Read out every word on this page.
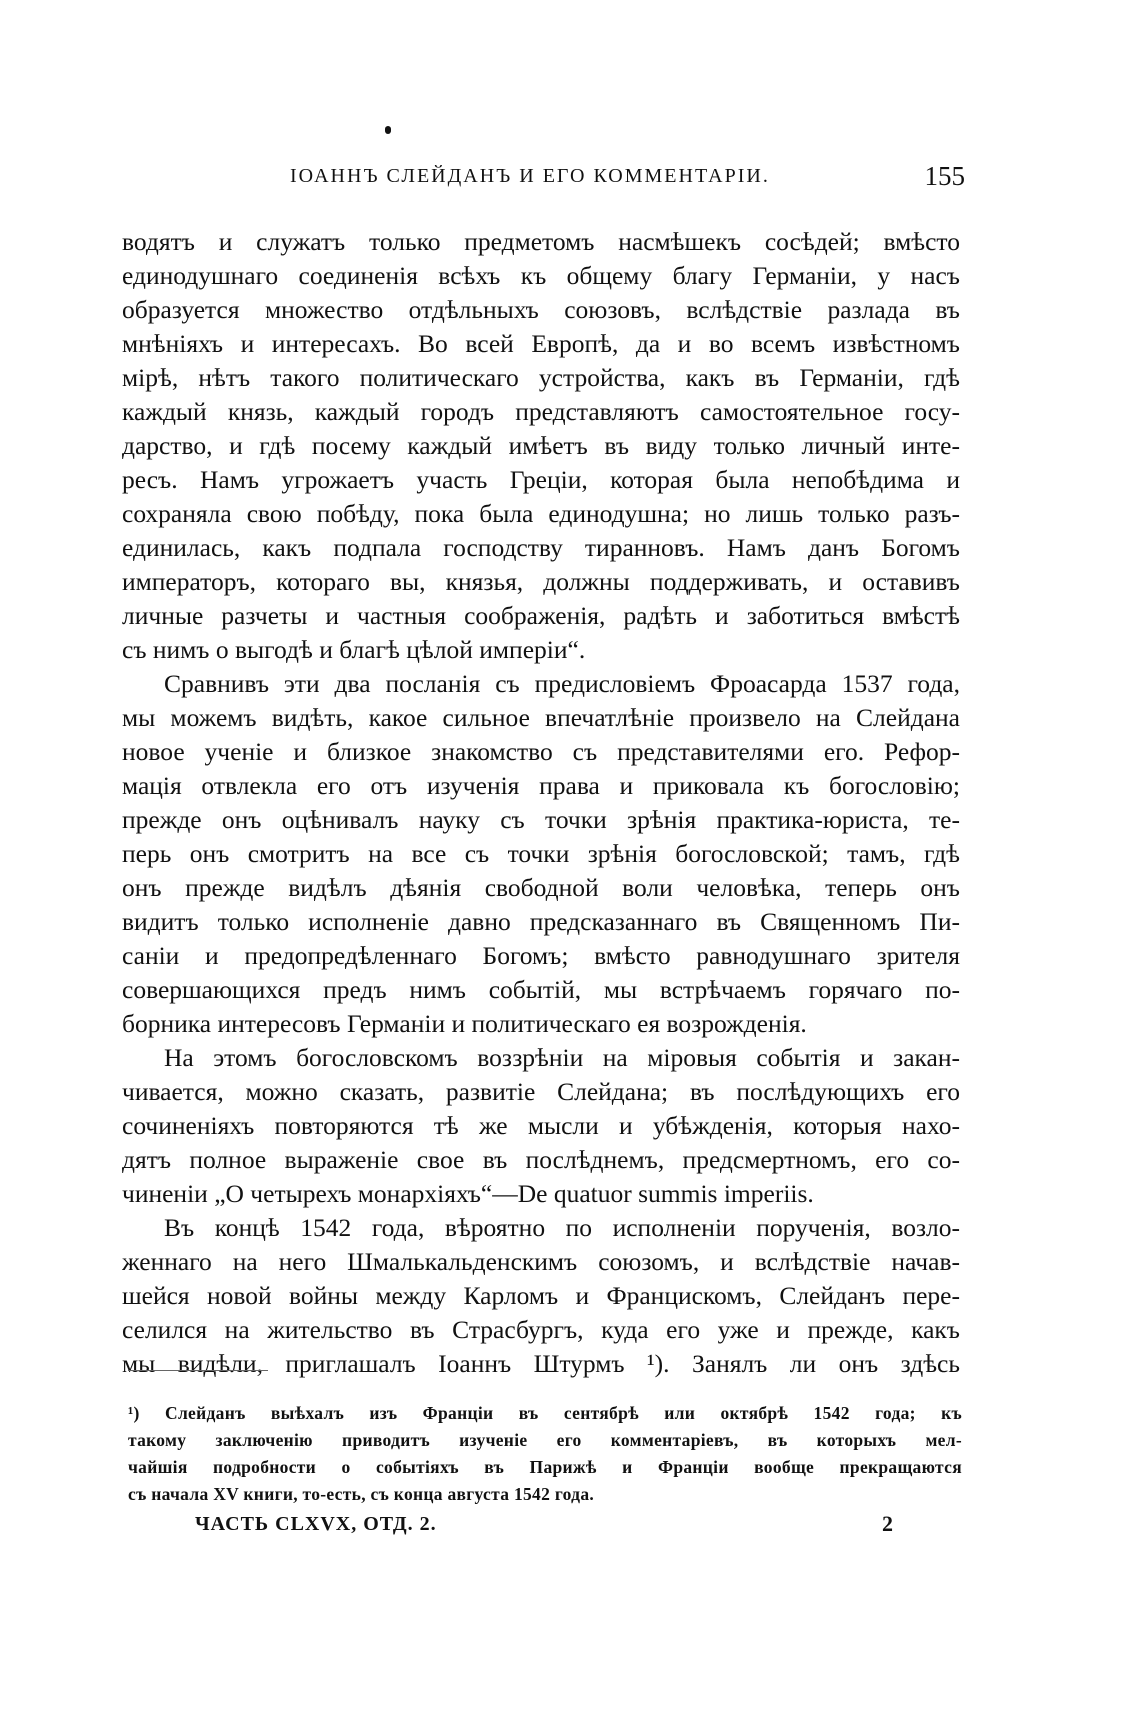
ІОАННЪ СЛЕЙДАНЪ И ЕГО КОММЕНТАРІИ.	155
водятъ и служатъ только предметомъ насмѣшекъ сосѣдей; вмѣсто
единодушнаго соединенія всѣхъ къ общему благу Германіи, у насъ
образуется множество отдѣльныхъ союзовъ, вслѣдствіе разлада въ
мнѣніяхъ и интересахъ. Во всей Европѣ, да и во всемъ извѣстномъ
мірѣ, нѣтъ такого политическаго устройства, какъ въ Германіи, гдѣ
каждый князь, каждый городъ представляютъ самостоятельное госу-
дарство, и гдѣ посему каждый имѣетъ въ виду только личный инте-
ресъ. Намъ угрожаетъ участь Греціи, которая была непобѣдима и
сохраняла свою побѣду, пока была единодушна; но лишь только разъ-
единилась, какъ подпала господству тиранновъ. Намъ данъ Богомъ
императоръ, котораго вы, князья, должны поддерживать, и оставивъ
личные разчеты и частныя соображенія, радѣть и заботиться вмѣстѣ
съ нимъ о выгодѣ и благѣ цѣлой имперіи“.
Сравнивъ эти два посланія съ предисловіемъ Фроасарда 1537 года,
мы можемъ видѣть, какое сильное впечатлѣніе произвело на Слейдана
новое ученіе и близкое знакомство съ представителями его. Рефор-
мація отвлекла его отъ изученія права и приковала къ богословію;
прежде онъ оцѣнивалъ науку съ точки зрѣнія практика-юриста, те-
перь онъ смотритъ на все съ точки зрѣнія богословской; тамъ, гдѣ
онъ прежде видѣлъ дѣянія свободной воли человѣка, теперь онъ
видитъ только исполненіе давно предсказаннаго въ Священномъ Пи-
саніи и предопредѣленнаго Богомъ; вмѣсто равнодушнаго зрителя
совершающихся предъ нимъ событій, мы встрѣчаемъ горячаго по-
борника интересовъ Германіи и политическаго ея возрожденія.
На этомъ богословскомъ воззрѣніи на міровыя событія и закан-
чивается, можно сказать, развитіе Слейдана; въ послѣдующихъ его
сочиненіяхъ повторяются тѣ же мысли и убѣжденія, которыя нахо-
дятъ полное выраженіе свое въ послѣднемъ, предсмертномъ, его со-
чиненіи „О четырехъ монархіяхъ“—De quatuor summis imperiis.
Въ концѣ 1542 года, вѣроятно по исполненіи порученія, возло-
женнаго на него Шмалькальденскимъ союзомъ, и вслѣдствіе начав-
шейся новой войны между Карломъ и Францискомъ, Слейданъ пере-
селился на жительство въ Страсбургъ, куда его уже и прежде, какъ
мы видѣли, приглашалъ Іоаннъ Штурмъ ¹). Занялъ ли онъ здѣсь
¹) Слейданъ выѣхалъ изъ Франціи въ сентябрѣ или октябрѣ 1542 года; къ
такому заключенію приводитъ изученіе его комментаріевъ, въ которыхъ мел-
чайшія подробности о событіяхъ въ Парижѣ и Франціи вообще прекращаются
съ начала XV книги, то-есть, съ конца августа 1542 года.
ЧАСТЬ CLXVX, ОТД. 2.	2
